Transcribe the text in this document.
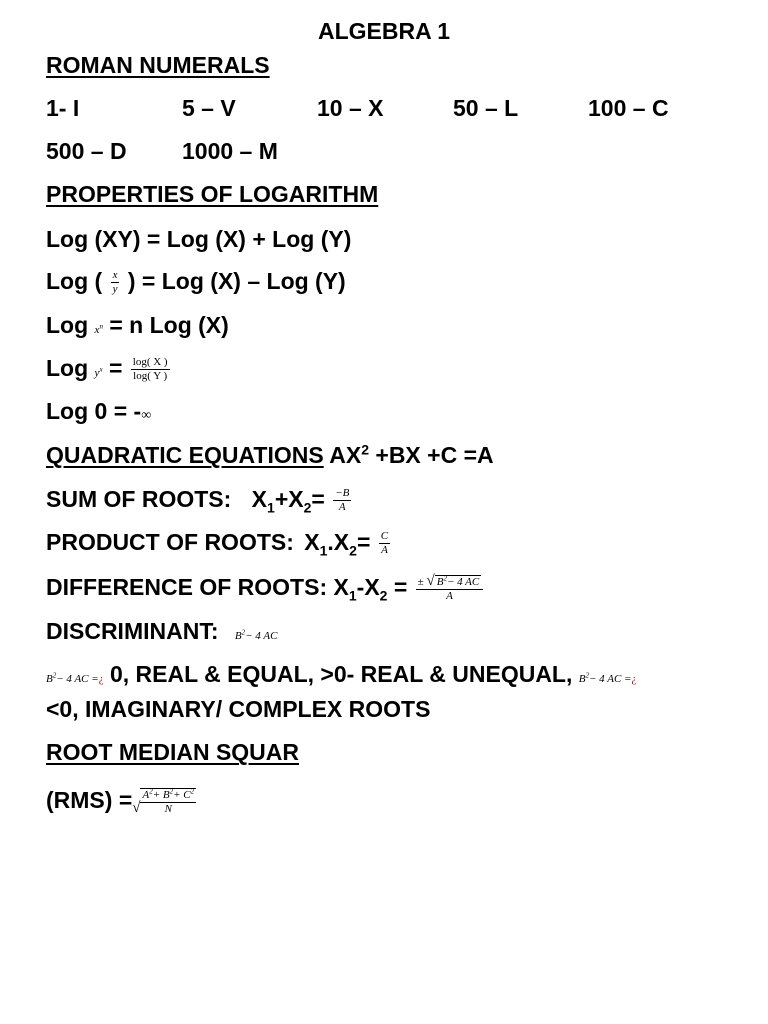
ALGEBRA 1
ROMAN NUMERALS
1- I	5 – V	10 – X	50 – L	100 – C
500 – D 1000 – M
PROPERTIES OF LOGARITHM
Log (XY) = Log (X) + Log (Y)
Log ( $\frac{x}{y}$ ) = Log (X) – Log (Y)
Log $x^n = n$ Log (X)
Log $y^x = \frac{\log( X )}{\log( Y )}$
Log 0 = -∞
QUADRATIC EQUATIONS $AX^2 +BX +C =A$
SUM OF ROOTS: $X_1+X_2= \frac{-B}{A}$
PRODUCT OF ROOTS: $X_1.X_2= \frac{C}{A}$
DIFFERENCE OF ROOTS: $X_1-X_2 = \frac{\pm √ B^2- 4 AC}{A}$
DISCRIMINANT: $B^2- 4$ AC
$B^2- 4$ AC =¿ 0, REAL & EQUAL, >0- REAL & UNEQUAL, $B^2- 4$ AC =¿
<0, IMAGINARY/ COMPLEX ROOTS
ROOT MEDIAN SQUAR
(RMS) = √ $\frac{A^2+ B^2+ C^2}{N}$
